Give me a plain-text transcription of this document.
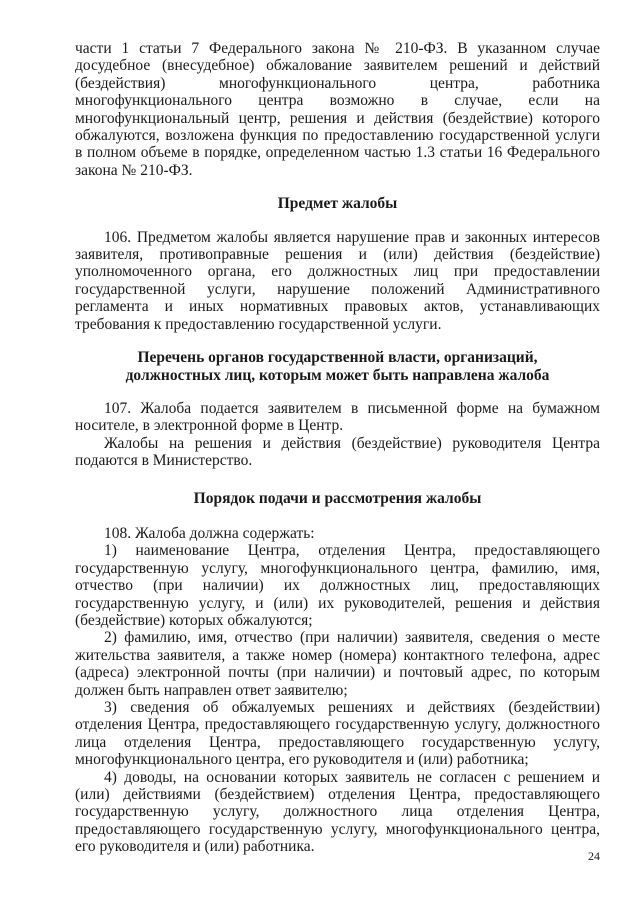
части 1 статьи 7 Федерального закона № 210-ФЗ. В указанном случае досудебное (внесудебное) обжалование заявителем решений и действий (бездействия) многофункционального центра, работника многофункционального центра возможно в случае, если на многофункциональный центр, решения и действия (бездействие) которого обжалуются, возложена функция по предоставлению государственной услуги в полном объеме в порядке, определенном частью 1.3 статьи 16 Федерального закона № 210-ФЗ.

Предмет жалобы

106. Предметом жалобы является нарушение прав и законных интересов заявителя, противоправные решения и (или) действия (бездействие) уполномоченного органа, его должностных лиц при предоставлении государственной услуги, нарушение положений Административного регламента и иных нормативных правовых актов, устанавливающих требования к предоставлению государственной услуги.

Перечень органов государственной власти, организаций,
должностных лиц, которым может быть направлена жалоба

107. Жалоба подается заявителем в письменной форме на бумажном носителе, в электронной форме в Центр.

Жалобы на решения и действия (бездействие) руководителя Центра подаются в Министерство.

Порядок подачи и рассмотрения жалобы

108. Жалоба должна содержать:

1) наименование Центра, отделения Центра, предоставляющего государственную услугу, многофункционального центра, фамилию, имя, отчество (при наличии) их должностных лиц, предоставляющих государственную услугу, и (или) их руководителей, решения и действия (бездействие) которых обжалуются;

2) фамилию, имя, отчество (при наличии) заявителя, сведения о месте жительства заявителя, а также номер (номера) контактного телефона, адрес (адреса) электронной почты (при наличии) и почтовый адрес, по которым должен быть направлен ответ заявителю;

3) сведения об обжалуемых решениях и действиях (бездействии) отделения Центра, предоставляющего государственную услугу, должностного лица отделения Центра, предоставляющего государственную услугу, многофункционального центра, его руководителя и (или) работника;

4) доводы, на основании которых заявитель не согласен с решением и (или) действиями (бездействием) отделения Центра, предоставляющего государственную услугу, должностного лица отделения Центра, предоставляющего государственную услугу, многофункционального центра, его руководителя и (или) работника.

24
